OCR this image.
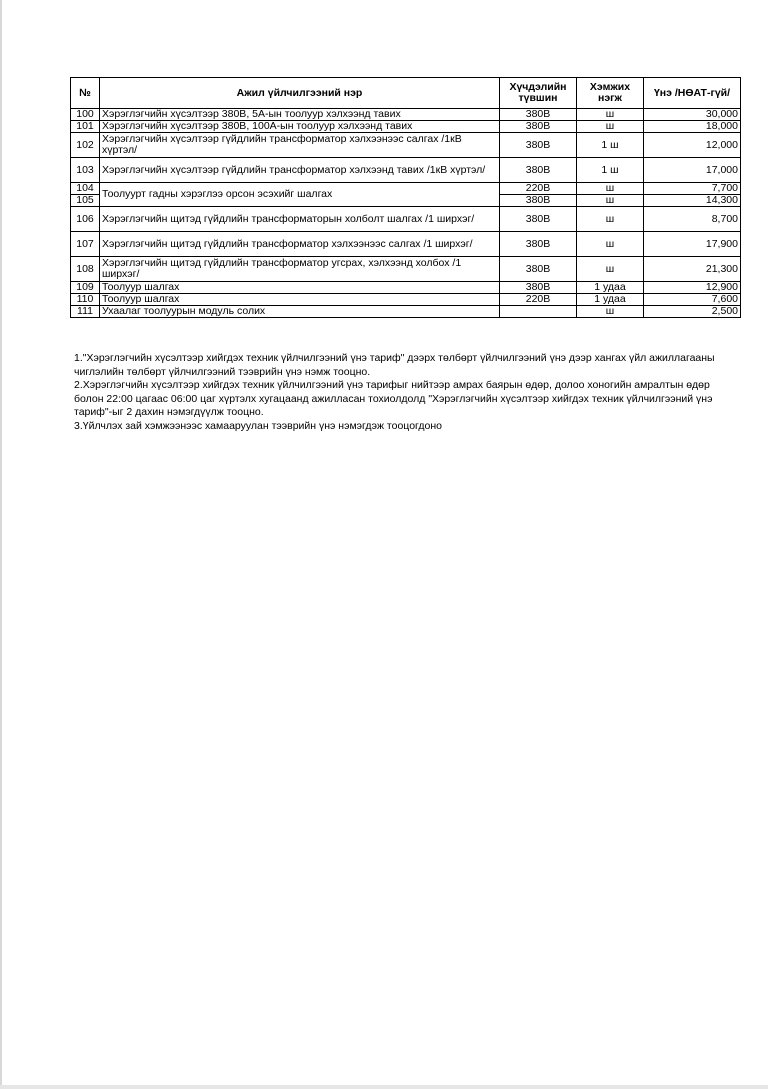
№	Ажил үйлчилгээний нэр	Хүчдэлийн түвшин	Хэмжих нэгж	Үнэ /НӨАТ-гүй/
100	Хэрэглэгчийн хүсэлтээр 380В, 5А-ын тоолуур хэлхээнд тавих	380В	ш	30,000
101	Хэрэглэгчийн хүсэлтээр 380В, 100А-ын тоолуур хэлхээнд тавих	380В	ш	18,000
102	Хэрэглэгчийн хүсэлтээр гүйдлийн трансформатор хэлхээнээс салгах /1кВ хүртэл/	380В	1 ш	12,000
103	Хэрэглэгчийн хүсэлтээр гүйдлийн трансформатор хэлхээнд тавих /1кВ хүртэл/	380В	1 ш	17,000
104	Тоолуурт гадны хэрэглээ орсон эсэхийг шалгах	220В	ш	7,700
105		380В	ш	14,300
106	Хэрэглэгчийн щитэд гүйдлийн трансформаторын холболт шалгах /1 ширхэг/	380В	ш	8,700
107	Хэрэглэгчийн щитэд гүйдлийн трансформатор хэлхээнээс салгах /1 ширхэг/	380В	ш	17,900
108	Хэрэглэгчийн щитэд гүйдлийн трансформатор угсрах, хэлхээнд холбох /1 ширхэг/	380В	ш	21,300
109	Тоолуур шалгах	380В	1 удаа	12,900
110	Тоолуур шалгах	220В	1 удаа	7,600
111	Ухаалаг тоолуурын модуль солих		ш	2,500

1."Хэрэглэгчийн хүсэлтээр хийгдэх техник үйлчилгээний үнэ тариф" дээрх төлбөрт үйлчилгээний үнэ дээр хангах үйл ажиллагааны чиглэлийн төлбөрт үйлчилгээний тээврийн үнэ нэмж тооцно.

2.Хэрэглэгчийн хүсэлтээр хийгдэх техник үйлчилгээний үнэ тарифыг нийтээр амрах баярын өдөр, долоо хоногийн амралтын өдөр болон 22:00 цагаас 06:00 цаг хүртэлх хугацаанд ажилласан тохиолдолд "Хэрэглэгчийн хүсэлтээр хийгдэх техник үйлчилгээний үнэ тариф"-ыг 2 дахин нэмэгдүүлж тооцно.

3.Үйлчлэх зай хэмжээнээс хамааруулан тээврийн үнэ нэмэгдэж тооцогдоно
